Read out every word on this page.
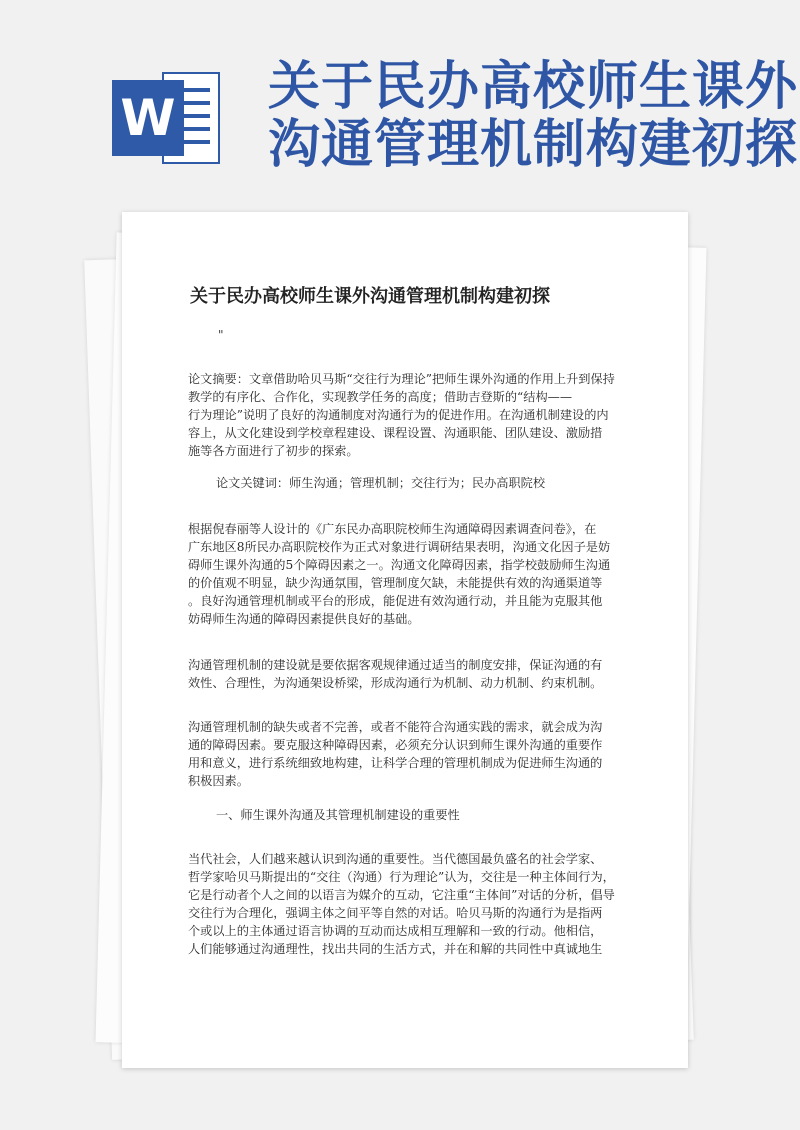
W
关于民办高校师生课外
沟通管理机制构建初探
关于民办高校师生课外沟通管理机制构建初探
"

论文摘要：文章借助哈贝马斯“交往行为理论”把师生课外沟通的作用上升到保持

教学的有序化、合作化，实现教学任务的高度；借助吉登斯的“结构——

行为理论”说明了良好的沟通制度对沟通行为的促进作用。在沟通机制建设的内

容上，从文化建设到学校章程建设、课程设置、沟通职能、团队建设、激励措

施等各方面进行了初步的探索。

论文关键词：师生沟通；管理机制；交往行为；民办高职院校

根据倪春丽等人设计的《广东民办高职院校师生沟通障碍因素调查问卷》，在

广东地区8所民办高职院校作为正式对象进行调研结果表明，沟通文化因子是妨

碍师生课外沟通的5个障碍因素之一。沟通文化障碍因素，指学校鼓励师生沟通

的价值观不明显，缺少沟通氛围，管理制度欠缺，未能提供有效的沟通渠道等

。良好沟通管理机制或平台的形成，能促进有效沟通行动，并且能为克服其他

妨碍师生沟通的障碍因素提供良好的基础。

沟通管理机制的建设就是要依据客观规律通过适当的制度安排，保证沟通的有

效性、合理性，为沟通架设桥梁，形成沟通行为机制、动力机制、约束机制。

沟通管理机制的缺失或者不完善，或者不能符合沟通实践的需求，就会成为沟

通的障碍因素。要克服这种障碍因素，必须充分认识到师生课外沟通的重要作

用和意义，进行系统细致地构建，让科学合理的管理机制成为促进师生沟通的

积极因素。

一、师生课外沟通及其管理机制建设的重要性

当代社会，人们越来越认识到沟通的重要性。当代德国最负盛名的社会学家、

哲学家哈贝马斯提出的“交往（沟通）行为理论”认为，交往是一种主体间行为，

它是行动者个人之间的以语言为媒介的互动，它注重“主体间”对话的分析，倡导

交往行为合理化，强调主体之间平等自然的对话。哈贝马斯的沟通行为是指两

个或以上的主体通过语言协调的互动而达成相互理解和一致的行动。他相信，

人们能够通过沟通理性，找出共同的生活方式，并在和解的共同性中真诚地生
